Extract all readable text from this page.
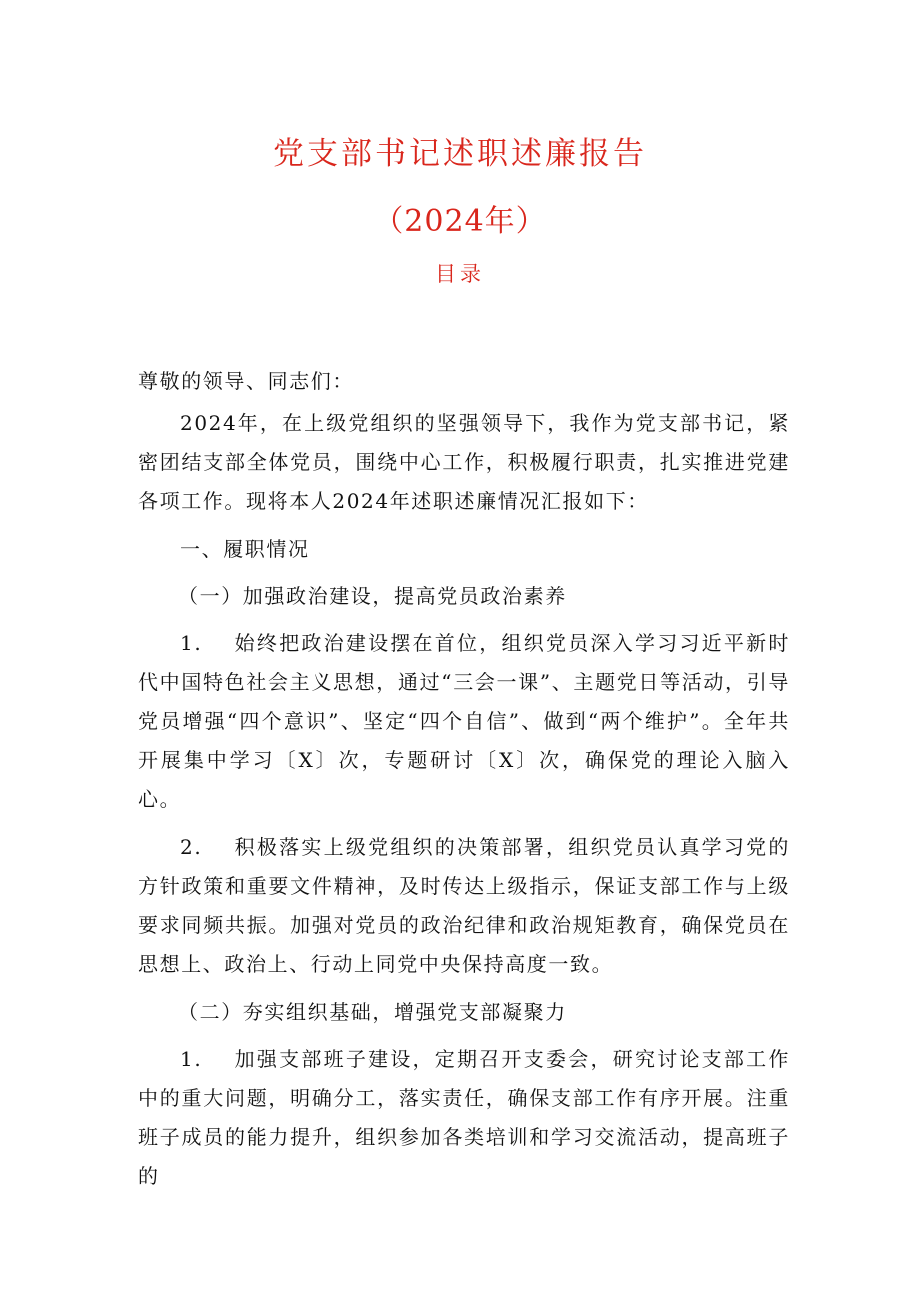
党支部书记述职述廉报告
（2024年）
目录
尊敬的领导、同志们：
2024年，在上级党组织的坚强领导下，我作为党支部书记，紧密团结支部全体党员，围绕中心工作，积极履行职责，扎实推进党建各项工作。现将本人2024年述职述廉情况汇报如下：
一、履职情况
（一）加强政治建设，提高党员政治素养
1. 始终把政治建设摆在首位，组织党员深入学习习近平新时代中国特色社会主义思想，通过“三会一课”、主题党日等活动，引导党员增强“四个意识”、坚定“四个自信”、做到“两个维护”。全年共开展集中学习〔X〕次，专题研讨〔X〕次，确保党的理论入脑入心。
2. 积极落实上级党组织的决策部署，组织党员认真学习党的方针政策和重要文件精神，及时传达上级指示，保证支部工作与上级要求同频共振。加强对党员的政治纪律和政治规矩教育，确保党员在思想上、政治上、行动上同党中央保持高度一致。
（二）夯实组织基础，增强党支部凝聚力
1. 加强支部班子建设，定期召开支委会，研究讨论支部工作中的重大问题，明确分工，落实责任，确保支部工作有序开展。注重班子成员的能力提升，组织参加各类培训和学习交流活动，提高班子的
